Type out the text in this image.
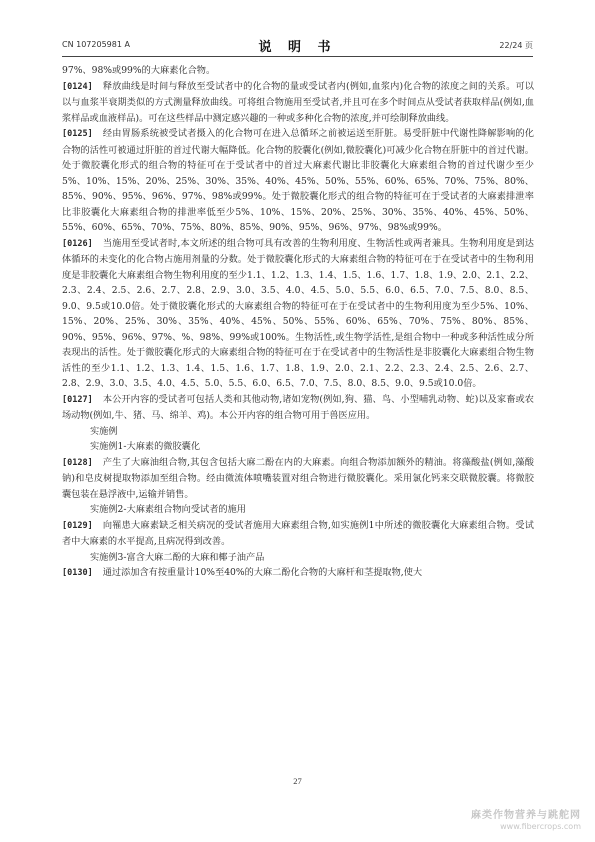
CN 107205981 A	说 明 书	22/24 页

97%、98%或99%的大麻素化合物。

[0124] 释放曲线是时间与释放至受试者中的化合物的量或受试者内(例如,血浆内)化合物的浓度之间的关系。可以以与血浆半衰期类似的方式测量释放曲线。可将组合物施用至受试者,并且可在多个时间点从受试者获取样品(例如,血浆样品或血液样品)。可在这些样品中测定感兴趣的一种或多种化合物的浓度,并可绘制释放曲线。

[0125] 经由胃肠系统被受试者摄入的化合物可在进入总循环之前被运送至肝脏。易受肝脏中代谢性降解影响的化合物的活性可被通过肝脏的首过代谢大幅降低。化合物的胶囊化(例如,微胶囊化)可减少化合物在肝脏中的首过代谢。处于微胶囊化形式的组合物的特征可在于受试者中的首过大麻素代谢比非胶囊化大麻素组合物的首过代谢少至少5%、10%、15%、20%、25%、30%、35%、40%、45%、50%、55%、60%、65%、70%、75%、80%、85%、90%、95%、96%、97%、98%或99%。处于微胶囊化形式的组合物的特征可在于受试者的大麻素排泄率比非胶囊化大麻素组合物的排泄率低至少5%、10%、15%、20%、25%、30%、35%、40%、45%、50%、55%、60%、65%、70%、75%、80%、85%、90%、95%、96%、97%、98%或99%。

[0126] 当施用至受试者时,本文所述的组合物可具有改善的生物利用度、生物活性或两者兼具。生物利用度是到达体循环的未变化的化合物占施用剂量的分数。处于微胶囊化形式的大麻素组合物的特征可在于在受试者中的生物利用度是非胶囊化大麻素组合物生物利用度的至少1.1、1.2、1.3、1.4、1.5、1.6、1.7、1.8、1.9、2.0、2.1、2.2、2.3、2.4、2.5、2.6、2.7、2.8、2.9、3.0、3.5、4.0、4.5、5.0、5.5、6.0、6.5、7.0、7.5、8.0、8.5、9.0、9.5或10.0倍。处于微胶囊化形式的大麻素组合物的特征可在于在受试者中的生物利用度为至少5%、10%、15%、20%、25%、30%、35%、40%、45%、50%、55%、60%、65%、70%、75%、80%、85%、90%、95%、96%、97%、%、98%、99%或100%。生物活性,或生物学活性,是组合物中一种或多种活性成分所表现出的活性。处于微胶囊化形式的大麻素组合物的特征可在于在受试者中的生物活性是非胶囊化大麻素组合物生物活性的至少1.1、1.2、1.3、1.4、1.5、1.6、1.7、1.8、1.9、2.0、2.1、2.2、2.3、2.4、2.5、2.6、2.7、2.8、2.9、3.0、3.5、4.0、4.5、5.0、5.5、6.0、6.5、7.0、7.5、8.0、8.5、9.0、9.5或10.0倍。

[0127] 本公开内容的受试者可包括人类和其他动物,诸如宠物(例如,狗、猫、鸟、小型哺乳动物、蛇)以及家畜或农场动物(例如,牛、猪、马、绵羊、鸡)。本公开内容的组合物可用于兽医应用。

实施例

实施例1-大麻素的微胶囊化

[0128] 产生了大麻油组合物,其包含包括大麻二酚在内的大麻素。向组合物添加额外的精油。将藻酸盐(例如,藻酸钠)和皂皮树提取物添加至组合物。经由微流体喷嘴装置对组合物进行微胶囊化。采用氯化钙来交联微胶囊。将微胶囊包装在悬浮液中,运输并销售。

实施例2-大麻素组合物向受试者的施用

[0129] 向罹患大麻素缺乏相关病况的受试者施用大麻素组合物,如实施例1中所述的微胶囊化大麻素组合物。受试者中大麻素的水平提高,且病况得到改善。

实施例3-富含大麻二酚的大麻和椰子油产品

[0130] 通过添加含有按重量计10%至40%的大麻二酚化合物的大麻杆和茎提取物,使大

27
麻类作物营养与跳舵网
www.fibercrops.com
